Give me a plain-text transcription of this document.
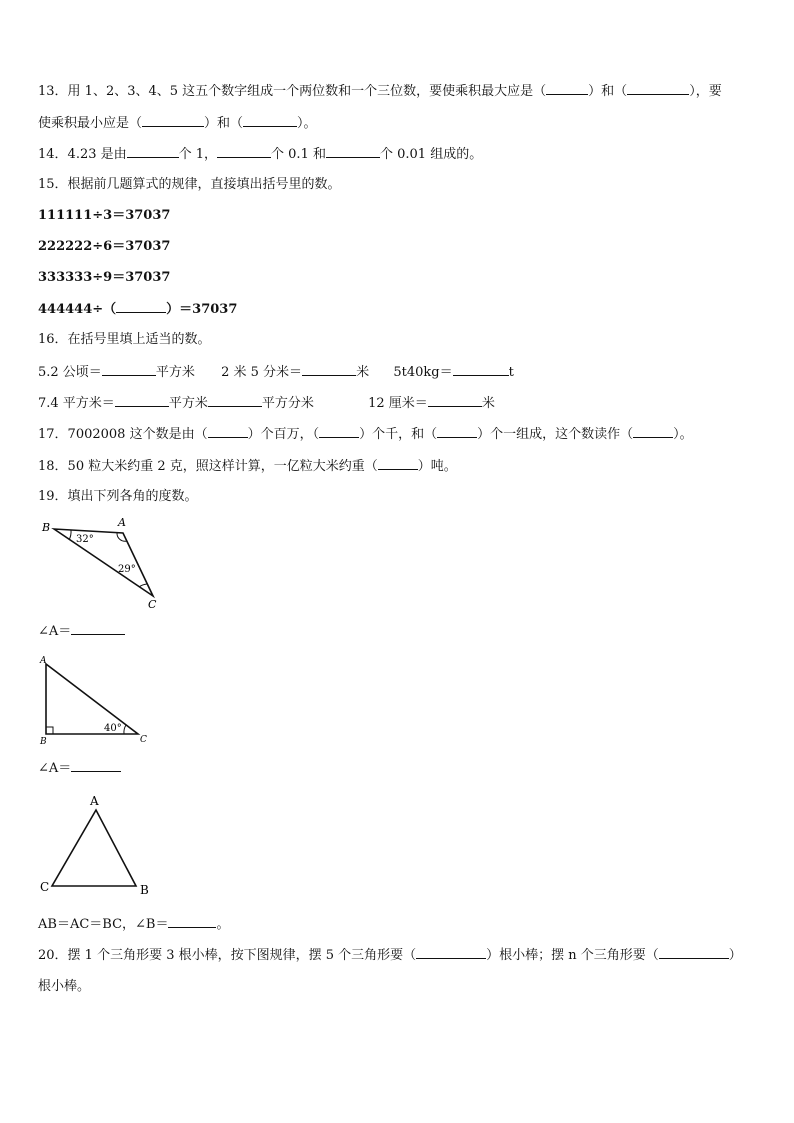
13．用 1、2、3、4、5 这五个数字组成一个两位数和一个三位数，要使乘积最大应是（	）和（	），要
使乘积最小应是（	）和（	）。
14．4.23 是由	个 1，	个 0.1 和	个 0.01 组成的。
15．根据前几题算式的规律，直接填出括号里的数。
111111÷3＝37037
222222÷6＝37037
333333÷9＝37037
444444÷（	）＝37037
16．在括号里填上适当的数。
5.2 公顷＝	平方米 2 米 5 分米＝	米 5t40kg＝	t
7.4 平方米＝	平方米	平方分米	12 厘米＝	米
17．7002008 这个数是由（	）个百万，（	）个千，和（	）个一组成，这个数读作（	）。
18．50 粒大米约重 2 克，照这样计算，一亿粒大米约重（	）吨。
19．填出下列各角的度数。
B	A
C
32°
29°
∠A＝
A
B	C
40°
∠A＝
A
C	B
AB＝AC＝BC，∠B＝	。
20．摆 1 个三角形要 3 根小棒，按下图规律，摆 5 个三角形要（	）根小棒；摆 n 个三角形要（	）
根小棒。
